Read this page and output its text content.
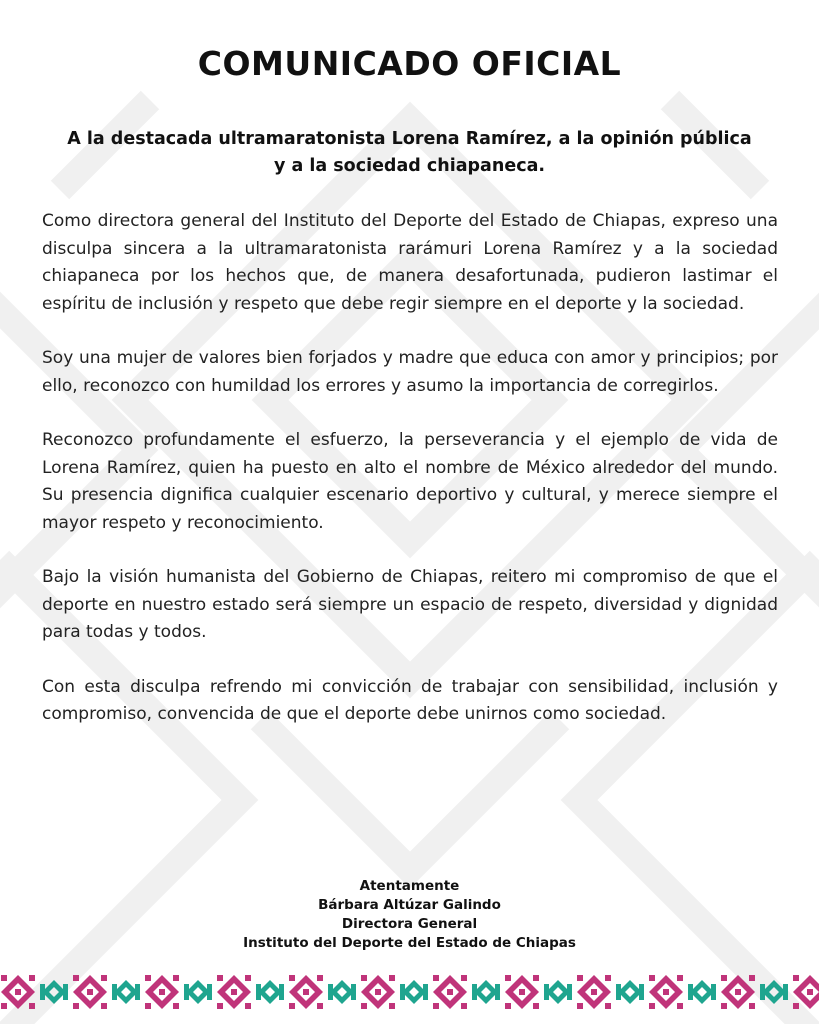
COMUNICADO OFICIAL
A la destacada ultramaratonista Lorena Ramírez, a la opinión pública
y a la sociedad chiapaneca.

Como directora general del Instituto del Deporte del Estado de Chiapas, expreso una disculpa sincera a la ultramaratonista rarámuri Lorena Ramírez y a la sociedad chiapaneca por los hechos que, de manera desafortunada, pudieron lastimar el espíritu de inclusión y respeto que debe regir siempre en el deporte y la sociedad.

Soy una mujer de valores bien forjados y madre que educa con amor y principios; por ello, reconozco con humildad los errores y asumo la importancia de corregirlos.

Reconozco profundamente el esfuerzo, la perseverancia y el ejemplo de vida de Lorena Ramírez, quien ha puesto en alto el nombre de México alrededor del mundo. Su presencia dignifica cualquier escenario deportivo y cultural, y merece siempre el mayor respeto y reconocimiento.

Bajo la visión humanista del Gobierno de Chiapas, reitero mi compromiso de que el deporte en nuestro estado será siempre un espacio de respeto, diversidad y dignidad para todas y todos.

Con esta disculpa refrendo mi convicción de trabajar con sensibilidad, inclusión y compromiso, convencida de que el deporte debe unirnos como sociedad.

Atentamente
Bárbara Altúzar Galindo
Directora General
Instituto del Deporte del Estado de Chiapas
